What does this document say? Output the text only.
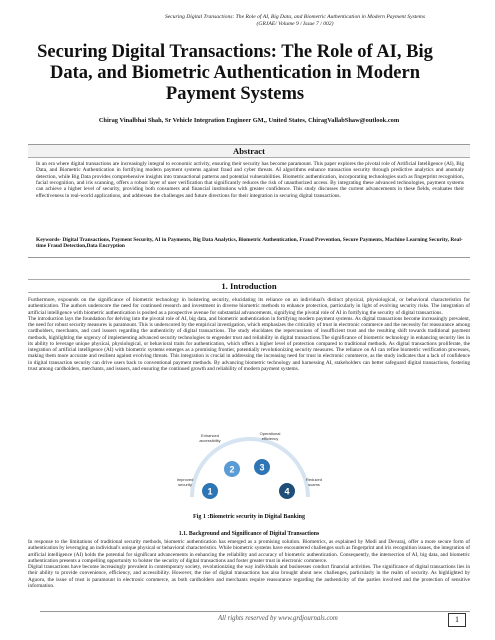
Securing Digital Transactions: The Role of AI, Big Data, and Biometric Authentication in Modern Payment Systems
(GRJAE/ Volume 9 / Issue 7 / 002)
Securing Digital Transactions: The Role of AI, Big Data, and Biometric Authentication in Modern Payment Systems
Chirag Vinalbhai Shah, Sr Vehicle Integration Engineer GM,, United States, ChiragVallabShaw@outlook.com
Abstract
In an era where digital transactions are increasingly integral to economic activity, ensuring their security has become paramount. This paper explores the pivotal role of Artificial Intelligence (AI), Big Data, and Biometric Authentication in fortifying modern payment systems against fraud and cyber threats. AI algorithms enhance transaction security through predictive analytics and anomaly detection, while Big Data provides comprehensive insights into transactional patterns and potential vulnerabilities. Biometric authentication, incorporating technologies such as fingerprint recognition, facial recognition, and iris scanning, offers a robust layer of user verification that significantly reduces the risk of unauthorized access. By integrating these advanced technologies, payment systems can achieve a higher level of security, providing both consumers and financial institutions with greater confidence. This study discusses the current advancements in these fields, evaluates their effectiveness in real-world applications, and addresses the challenges and future directions for their integration in securing digital transactions.
Keywords- Digital Transactions, Payment Security, AI in Payments, Big Data Analytics, Biometric Authentication, Fraud Prevention, Secure Payments, Machine Learning Security, Real-time Fraud Detection,Data Encryption
1. Introduction

Furthermore, expounds on the significance of biometric technology in bolstering security, elucidating its reliance on an individual's distinct physical, physiological, or behavioral characteristics for authentication. The authors underscore the need for continued research and investment in diverse biometric methods to enhance protection, particularly in light of evolving security risks. The integration of artificial intelligence with biometric authentication is posited as a prospective avenue for substantial advancements, signifying the pivotal role of AI in fortifying the security of digital transactions.

The introduction lays the foundation for delving into the pivotal role of AI, big data, and biometric authentication in fortifying modern payment systems. As digital transactions become increasingly prevalent, the need for robust security measures is paramount. This is underscored by the empirical investigation, which emphasizes the criticality of trust in electronic commerce and the necessity for reassurance among cardholders, merchants, and card issuers regarding the authenticity of digital transactions. The study elucidates the repercussions of insufficient trust and the resulting shift towards traditional payment methods, highlighting the urgency of implementing advanced security technologies to engender trust and reliability in digital transactions.The significance of biometric technology in enhancing security lies in its ability to leverage unique physical, physiological, or behavioral traits for authentication, which offers a higher level of protection compared to traditional methods. As digital transactions proliferate, the integration of artificial intelligence (AI) with biometric systems emerges as a promising frontier, potentially revolutionizing security measures. The reliance on AI can refine biometric verification processes, making them more accurate and resilient against evolving threats. This integration is crucial in addressing the increasing need for trust in electronic commerce, as the study indicates that a lack of confidence in digital transaction security can drive users back to conventional payment methods. By advancing biometric technology and harnessing AI, stakeholders can better safeguard digital transactions, fostering trust among cardholders, merchants, and issuers, and ensuring the continued growth and reliability of modern payment systems.

1
2	3
4
Enhanced accessibility
Operational efficiency
Improved security
Reduced scams
Fig 1 :Biometric security in Digital Banking
1.1. Background and Significance of Digital Transactions

In response to the limitations of traditional security methods, biometric authentication has emerged as a promising solution. Biometrics, as explained by Modi and Devaraj, offer a more secure form of authentication by leveraging an individual's unique physical or behavioral characteristics. While biometric systems have encountered challenges such as fingerprint and iris recognition issues, the integration of artificial intelligence (AI) holds the potential for significant advancements in enhancing the reliability and accuracy of biometric authentication. Consequently, the intersection of AI, big data, and biometric authentication presents a compelling opportunity to bolster the security of digital transactions and foster greater trust in electronic commerce.

Digital transactions have become increasingly prevalent in contemporary society, revolutionizing the way individuals and businesses conduct financial activities. The significance of digital transactions lies in their ability to provide convenience, efficiency, and accessibility. However, the rise of digital transactions has also brought about new challenges, particularly in the realm of security. As highlighted by Aguoru, the issue of trust is paramount in electronic commerce, as both cardholders and merchants require reassurance regarding the authenticity of the parties involved and the protection of sensitive information.

All rights reserved by www.grdjournals.com	1
